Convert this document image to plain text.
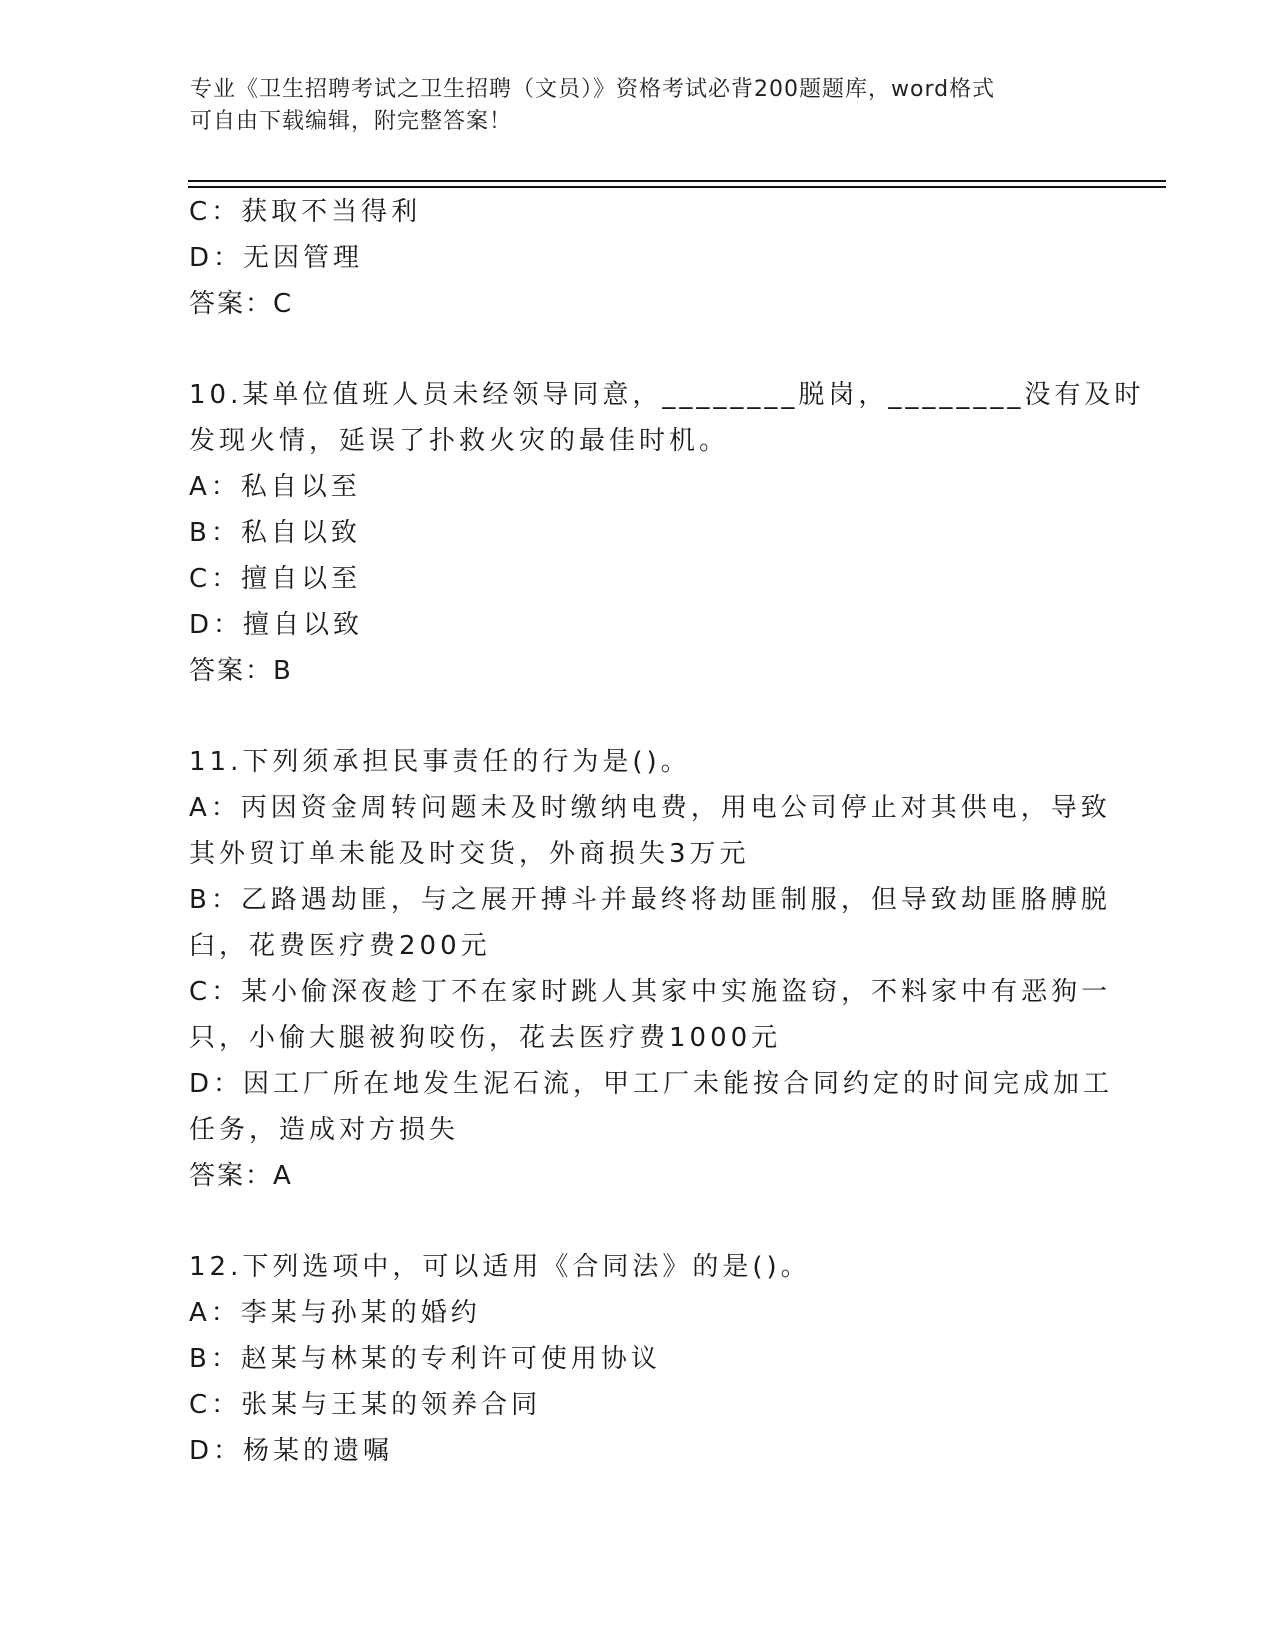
专业《卫生招聘考试之卫生招聘（文员）》资格考试必背200题题库，word格式
可自由下载编辑，附完整答案！
C：获取不当得利
D：无因管理
答案：C
10.某单位值班人员未经领导同意，________脱岗，________没有及时
发现火情，延误了扑救火灾的最佳时机。
A：私自以至
B：私自以致
C：擅自以至
D：擅自以致
答案：B
11.下列须承担民事责任的行为是()。
A：丙因资金周转问题未及时缴纳电费，用电公司停止对其供电，导致
其外贸订单未能及时交货，外商损失3万元
B：乙路遇劫匪，与之展开搏斗并最终将劫匪制服，但导致劫匪胳膊脱
臼，花费医疗费200元
C：某小偷深夜趁丁不在家时跳人其家中实施盗窃，不料家中有恶狗一
只，小偷大腿被狗咬伤，花去医疗费1000元
D：因工厂所在地发生泥石流，甲工厂未能按合同约定的时间完成加工
任务，造成对方损失
答案：A
12.下列选项中，可以适用《合同法》的是()。
A：李某与孙某的婚约
B：赵某与林某的专利许可使用协议
C：张某与王某的领养合同
D：杨某的遗嘱
